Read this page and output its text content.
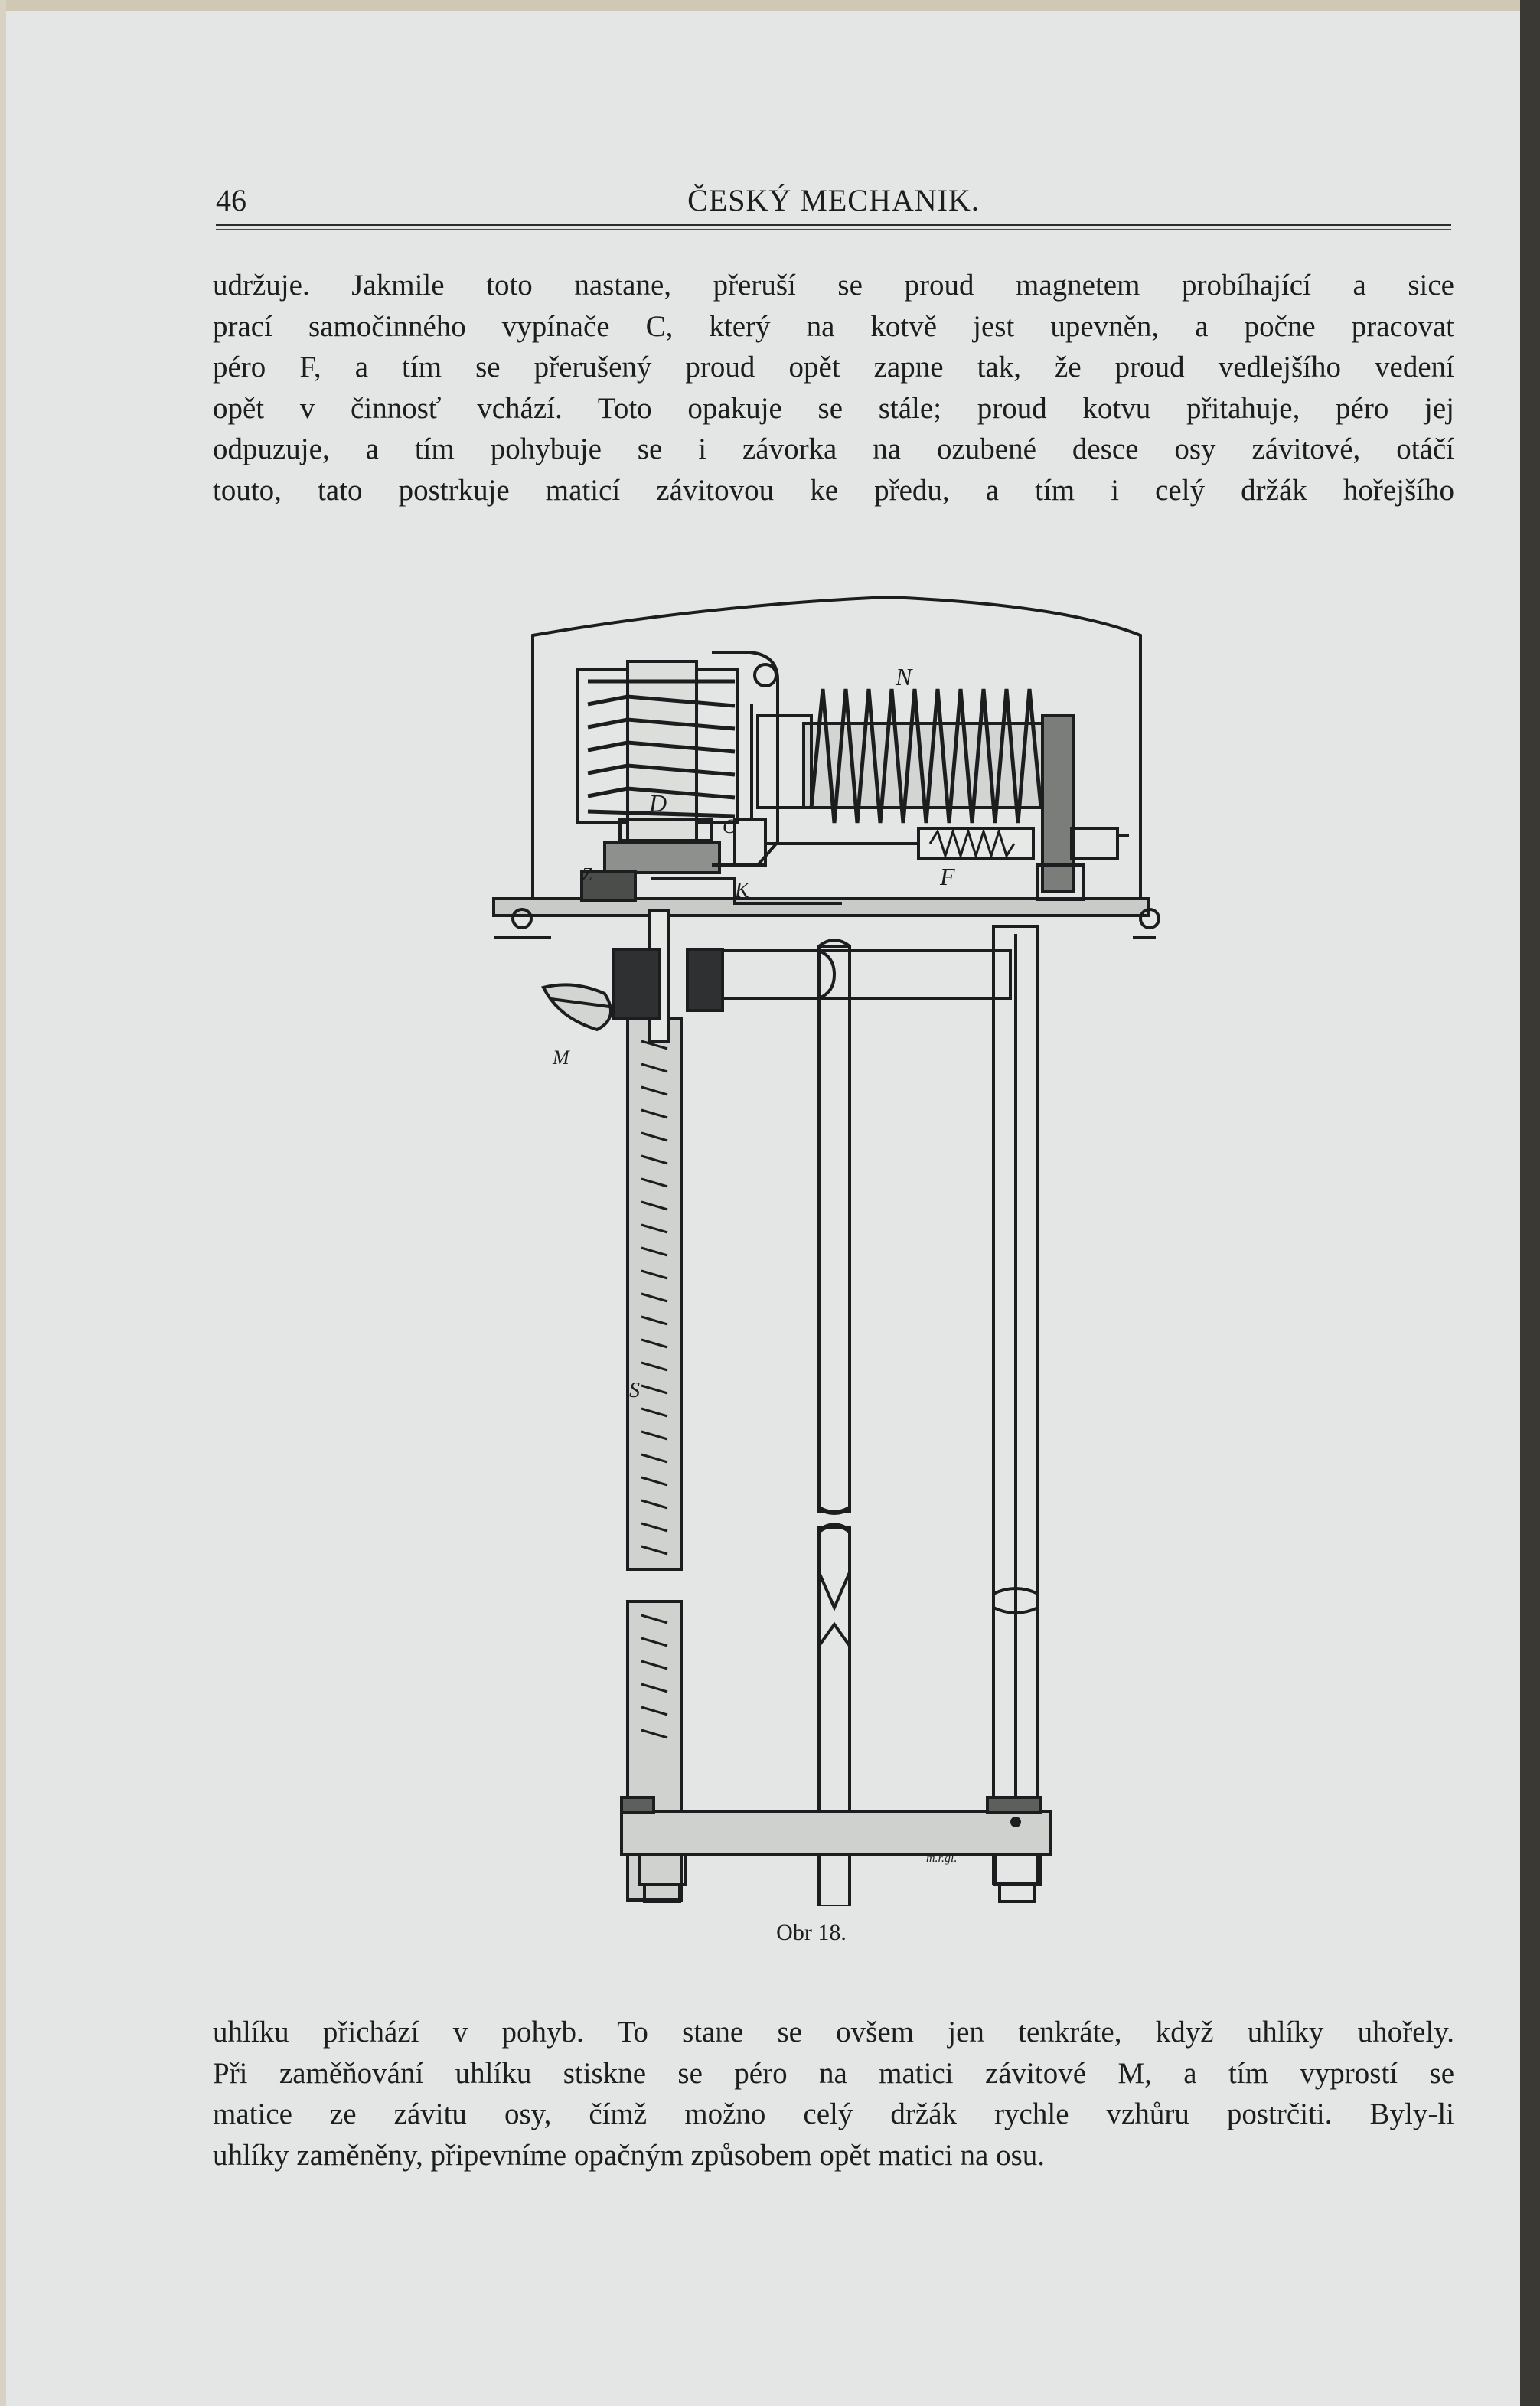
46	ČESKÝ MECHANIK.

udržuje. Jakmile toto nastane, přeruší se proud magnetem probíhající a sice
prací samočinného vypínače C, který na kotvě jest upevněn, a počne pracovat
péro F, a tím se přerušený proud opět zapne tak, že proud vedlejšího vedení
opět v činnosť vchází. Toto opakuje se stále; proud kotvu přitahuje, péro jej
odpuzuje, a tím pohybuje se i závorka na ozubené desce osy závitové, otáčí
touto, tato postrkuje maticí závitovou ke předu, a tím i celý držák hořejšího

N
D
C
F
K
Z
M
S
m.r.gl.
Obr 18.

uhlíku přichází v pohyb. To stane se ovšem jen tenkráte, když uhlíky uhořely.
Při zaměňování uhlíku stiskne se péro na matici závitové M, a tím vyprostí se
matice ze závitu osy, čímž možno celý držák rychle vzhůru postrčiti. Byly-li
uhlíky zaměněny, připevníme opačným způsobem opět matici na osu.
